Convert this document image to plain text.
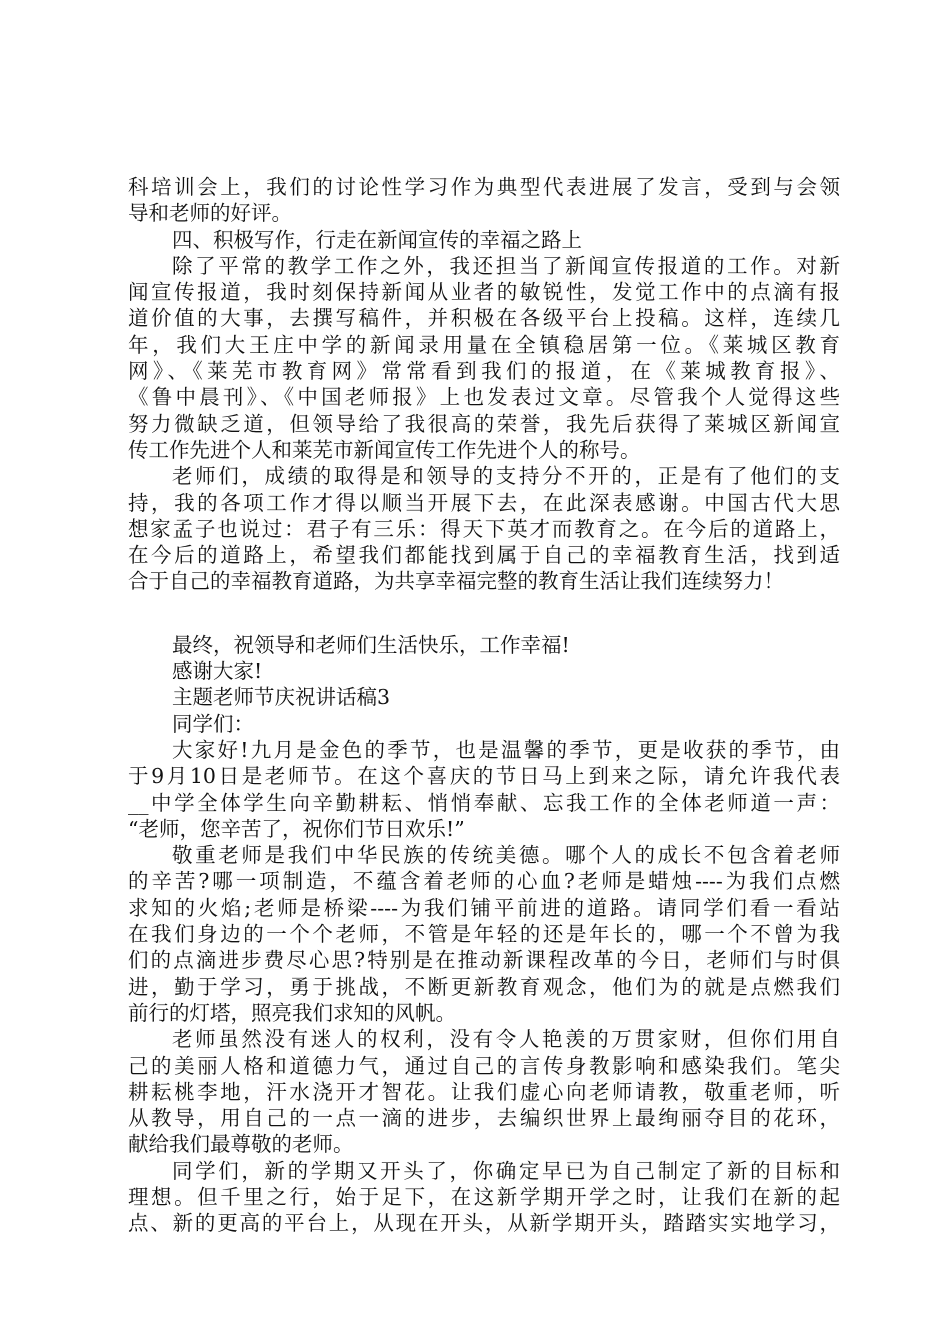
科培训会上，我们的讨论性学习作为典型代表进展了发言，受到与会领
导和老师的好评。
四、积极写作，行走在新闻宣传的幸福之路上
除了平常的教学工作之外，我还担当了新闻宣传报道的工作。对新
闻宣传报道，我时刻保持新闻从业者的敏锐性，发觉工作中的点滴有报
道价值的大事，去撰写稿件，并积极在各级平台上投稿。这样，连续几
年，我们大王庄中学的新闻录用量在全镇稳居第一位。《莱城区教育
网》、《莱芜市教育网》常常看到我们的报道，在《莱城教育报》、
《鲁中晨刊》、《中国老师报》上也发表过文章。尽管我个人觉得这些
努力微缺乏道，但领导给了我很高的荣誉，我先后获得了莱城区新闻宣
传工作先进个人和莱芜市新闻宣传工作先进个人的称号。
老师们，成绩的取得是和领导的支持分不开的，正是有了他们的支
持，我的各项工作才得以顺当开展下去，在此深表感谢。中国古代大思
想家孟子也说过：君子有三乐：得天下英才而教育之。在今后的道路上，
在今后的道路上，希望我们都能找到属于自己的幸福教育生活，找到适
合于自己的幸福教育道路，为共享幸福完整的教育生活让我们连续努力！
最终，祝领导和老师们生活快乐，工作幸福!
感谢大家!
主题老师节庆祝讲话稿3
同学们：
大家好!九月是金色的季节，也是温馨的季节，更是收获的季节，由
于9月10日是老师节。在这个喜庆的节日马上到来之际，请允许我代表
__中学全体学生向辛勤耕耘、悄悄奉献、忘我工作的全体老师道一声：
“老师，您辛苦了，祝你们节日欢乐!”
敬重老师是我们中华民族的传统美德。哪个人的成长不包含着老师
的辛苦?哪一项制造，不蕴含着老师的心血?老师是蜡烛----为我们点燃
求知的火焰;老师是桥梁----为我们铺平前进的道路。请同学们看一看站
在我们身边的一个个老师，不管是年轻的还是年长的，哪一个不曾为我
们的点滴进步费尽心思?特别是在推动新课程改革的今日，老师们与时俱
进，勤于学习，勇于挑战，不断更新教育观念，他们为的就是点燃我们
前行的灯塔，照亮我们求知的风帆。
老师虽然没有迷人的权利，没有令人艳羡的万贯家财，但你们用自
己的美丽人格和道德力气，通过自己的言传身教影响和感染我们。笔尖
耕耘桃李地，汗水浇开才智花。让我们虚心向老师请教，敬重老师，听
从教导，用自己的一点一滴的进步，去编织世界上最绚丽夺目的花环，
献给我们最尊敬的老师。
同学们，新的学期又开头了，你确定早已为自己制定了新的目标和
理想。但千里之行，始于足下，在这新学期开学之时，让我们在新的起
点、新的更高的平台上，从现在开头，从新学期开头，踏踏实实地学习，
